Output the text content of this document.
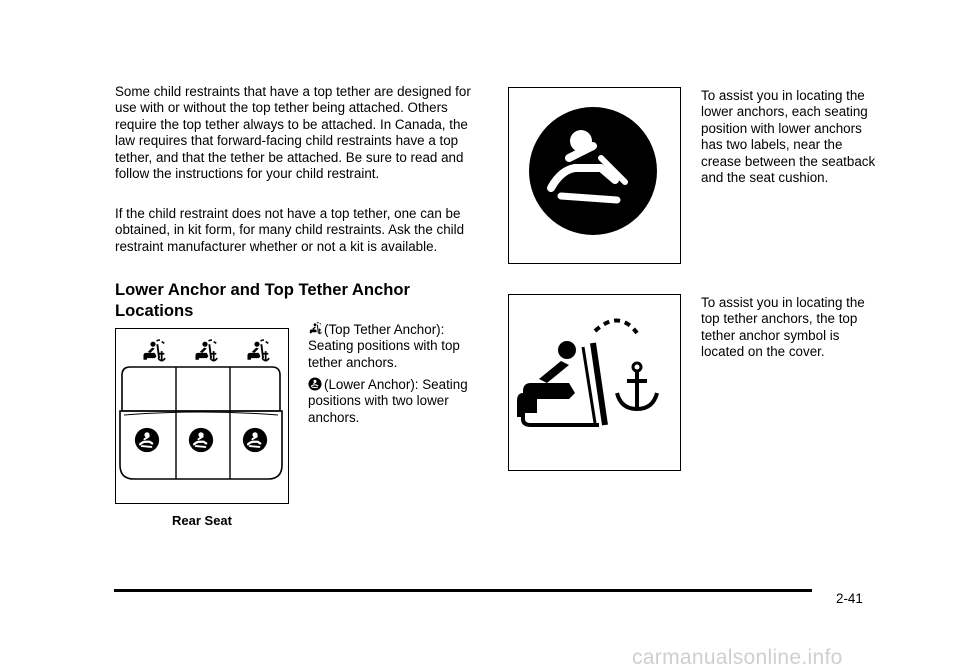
Some child restraints that have a top tether are designed for use with or without the top tether being attached. Others require the top tether always to be attached. In Canada, the law requires that forward-facing child restraints have a top tether, and that the tether be attached. Be sure to read and follow the instructions for your child restraint.

If the child restraint does not have a top tether, one can be obtained, in kit form, for many child restraints. Ask the child restraint manufacturer whether or not a kit is available.

Lower Anchor and Top Tether Anchor Locations
Rear Seat

(Top Tether Anchor): Seating positions with top tether anchors.

(Lower Anchor): Seating positions with two lower anchors.

To assist you in locating the lower anchors, each seating position with lower anchors has two labels, near the crease between the seatback and the seat cushion.

To assist you in locating the top tether anchors, the top tether anchor symbol is located on the cover.

2-41
carmanualsonline.info
